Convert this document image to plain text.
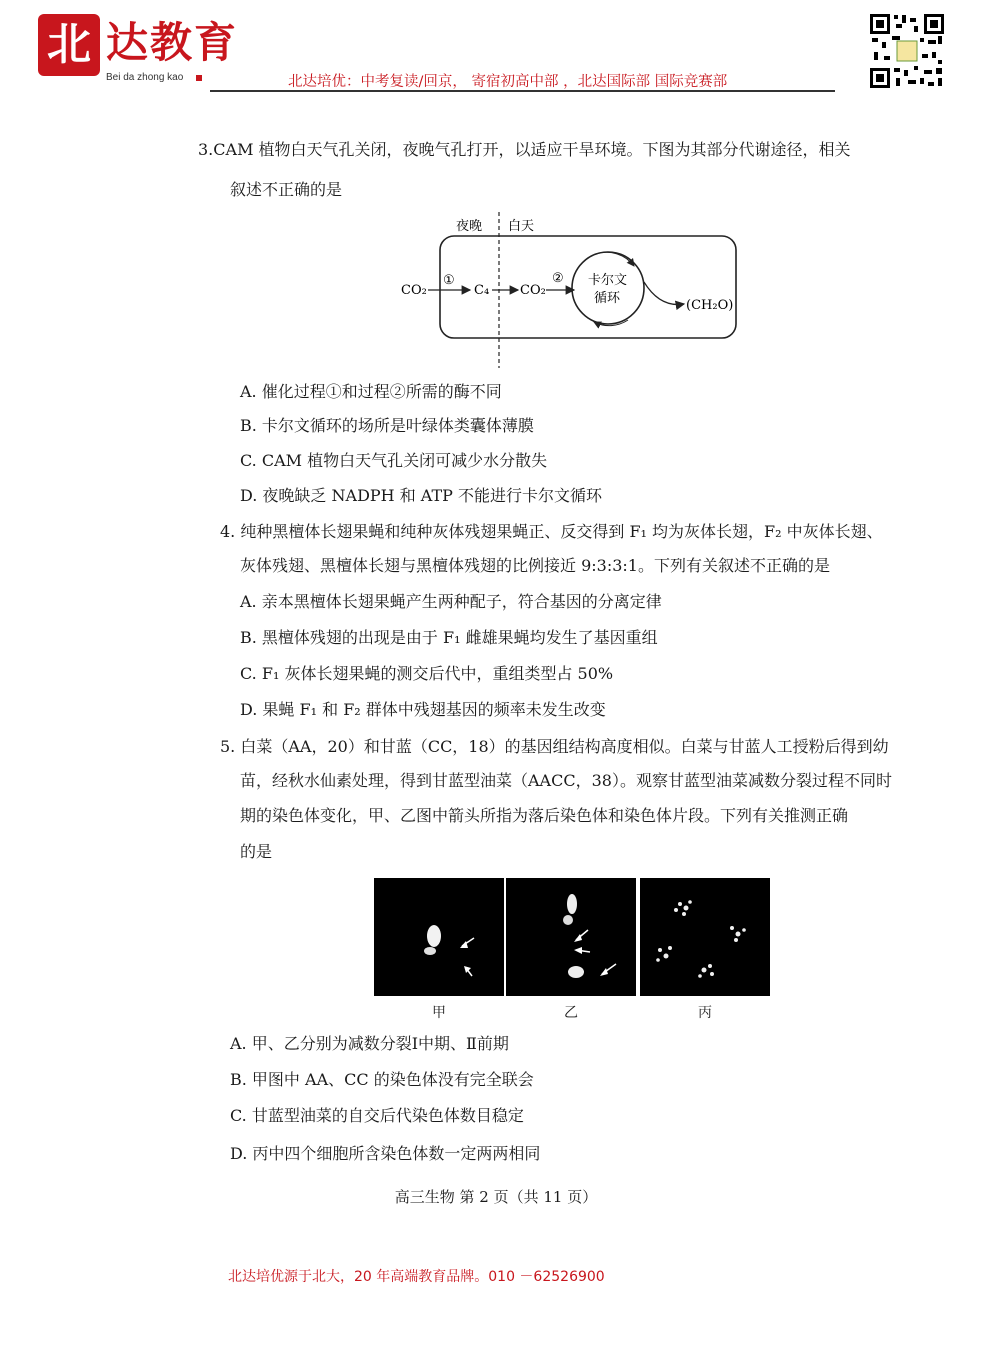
北 达教育
Bei da zhong kao	北达培优：中考复读/回京， 寄宿初高中部 ，北达国际部 国际竞赛部
3.CAM 植物白天气孔关闭，夜晚气孔打开，以适应干旱环境。下图为其部分代谢途径，相关
叙述不正确的是
夜晚 白天
CO₂
①
C₄ CO₂
② 卡尔文
循环	(CH₂O)
A. 催化过程①和过程②所需的酶不同
B. 卡尔文循环的场所是叶绿体类囊体薄膜
C. CAM 植物白天气孔关闭可减少水分散失
D. 夜晚缺乏 NADPH 和 ATP 不能进行卡尔文循环
4. 纯种黑檀体长翅果蝇和纯种灰体残翅果蝇正、反交得到 F₁ 均为灰体长翅，F₂ 中灰体长翅、
灰体残翅、黑檀体长翅与黑檀体残翅的比例接近 9:3:3:1。下列有关叙述不正确的是
A. 亲本黑檀体长翅果蝇产生两种配子，符合基因的分离定律
B. 黑檀体残翅的出现是由于 F₁ 雌雄果蝇均发生了基因重组
C. F₁ 灰体长翅果蝇的测交后代中，重组类型占 50%
D. 果蝇 F₁ 和 F₂ 群体中残翅基因的频率未发生改变
5. 白菜（AA，20）和甘蓝（CC，18）的基因组结构高度相似。白菜与甘蓝人工授粉后得到幼
苗，经秋水仙素处理，得到甘蓝型油菜（AACC，38）。观察甘蓝型油菜减数分裂过程不同时
期的染色体变化，甲、乙图中箭头所指为落后染色体和染色体片段。下列有关推测正确
的是
甲	乙	丙
A. 甲、乙分别为减数分裂Ⅰ中期、Ⅱ前期
B. 甲图中 AA、CC 的染色体没有完全联会
C. 甘蓝型油菜的自交后代染色体数目稳定
D. 丙中四个细胞所含染色体数一定两两相同
高三生物 第 2 页（共 11 页）
北达培优源于北大，20 年高端教育品牌。010 －62526900
